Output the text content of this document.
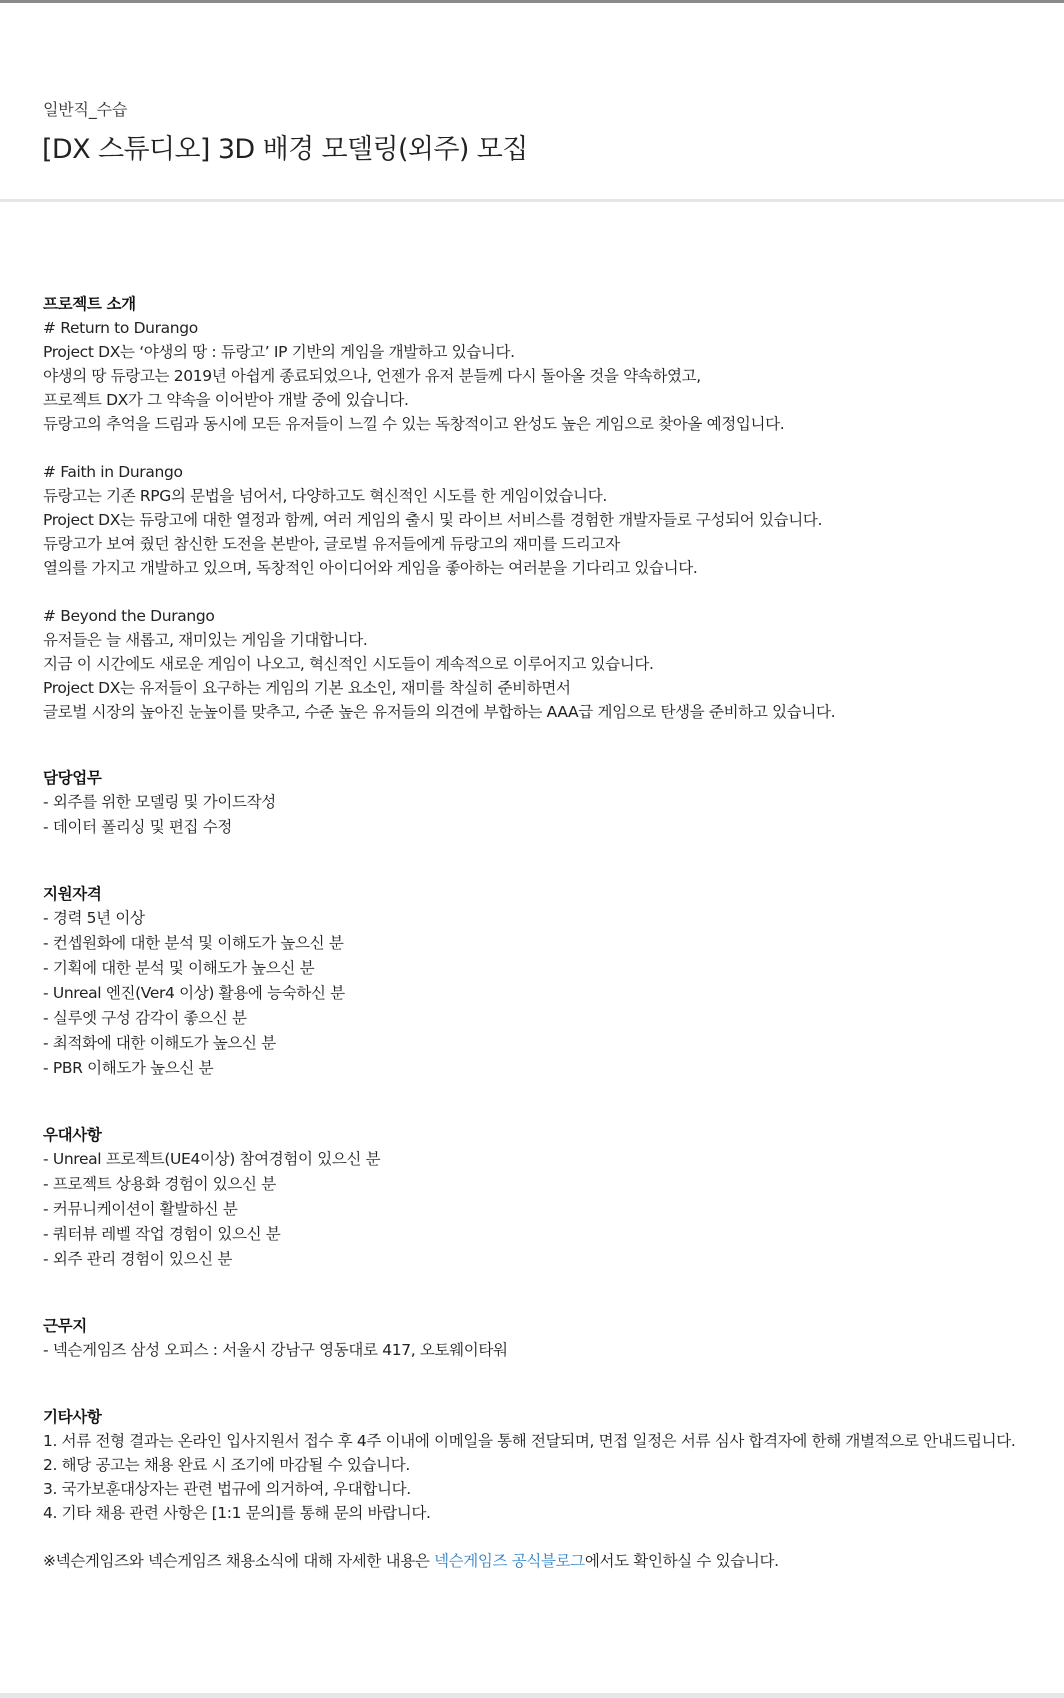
일반직_수습
[DX 스튜디오] 3D 배경 모델링(외주) 모집
프로젝트 소개
# Return to Durango
Project DX는 ‘야생의 땅 : 듀랑고’ IP 기반의 게임을 개발하고 있습니다.
야생의 땅 듀랑고는 2019년 아쉽게 종료되었으나, 언젠가 유저 분들께 다시 돌아올 것을 약속하였고,
프로젝트 DX가 그 약속을 이어받아 개발 중에 있습니다.
듀랑고의 추억을 드림과 동시에 모든 유저들이 느낄 수 있는 독창적이고 완성도 높은 게임으로 찾아올 예정입니다.
# Faith in Durango
듀랑고는 기존 RPG의 문법을 넘어서, 다양하고도 혁신적인 시도를 한 게임이었습니다.
Project DX는 듀랑고에 대한 열정과 함께, 여러 게임의 출시 및 라이브 서비스를 경험한 개발자들로 구성되어 있습니다.
듀랑고가 보여 줬던 참신한 도전을 본받아, 글로벌 유저들에게 듀랑고의 재미를 드리고자
열의를 가지고 개발하고 있으며, 독창적인 아이디어와 게임을 좋아하는 여러분을 기다리고 있습니다.
# Beyond the Durango
유저들은 늘 새롭고, 재미있는 게임을 기대합니다.
지금 이 시간에도 새로운 게임이 나오고, 혁신적인 시도들이 계속적으로 이루어지고 있습니다.
Project DX는 유저들이 요구하는 게임의 기본 요소인, 재미를 착실히 준비하면서
글로벌 시장의 높아진 눈높이를 맞추고, 수준 높은 유저들의 의견에 부합하는 AAA급 게임으로 탄생을 준비하고 있습니다.
담당업무
- 외주를 위한 모델링 및 가이드작성
- 데이터 폴리싱 및 편집 수정
지원자격
- 경력 5년 이상
- 컨셉원화에 대한 분석 및 이해도가 높으신 분
- 기획에 대한 분석 및 이해도가 높으신 분
- Unreal 엔진(Ver4 이상) 활용에 능숙하신 분
- 실루엣 구성 감각이 좋으신 분
- 최적화에 대한 이해도가 높으신 분
- PBR 이해도가 높으신 분
우대사항
- Unreal 프로젝트(UE4이상) 참여경험이 있으신 분
- 프로젝트 상용화 경험이 있으신 분
- 커뮤니케이션이 활발하신 분
- 쿼터뷰 레벨 작업 경험이 있으신 분
- 외주 관리 경험이 있으신 분
근무지
- 넥슨게임즈 삼성 오피스 : 서울시 강남구 영동대로 417, 오토웨이타워
기타사항
1. 서류 전형 결과는 온라인 입사지원서 접수 후 4주 이내에 이메일을 통해 전달되며, 면접 일정은 서류 심사 합격자에 한해 개별적으로 안내드립니다.
2. 해당 공고는 채용 완료 시 조기에 마감될 수 있습니다.
3. 국가보훈대상자는 관련 법규에 의거하여, 우대합니다.
4. 기타 채용 관련 사항은 [1:1 문의]를 통해 문의 바랍니다.
※넥슨게임즈와 넥슨게임즈 채용소식에 대해 자세한 내용은 넥슨게임즈 공식블로그에서도 확인하실 수 있습니다.
